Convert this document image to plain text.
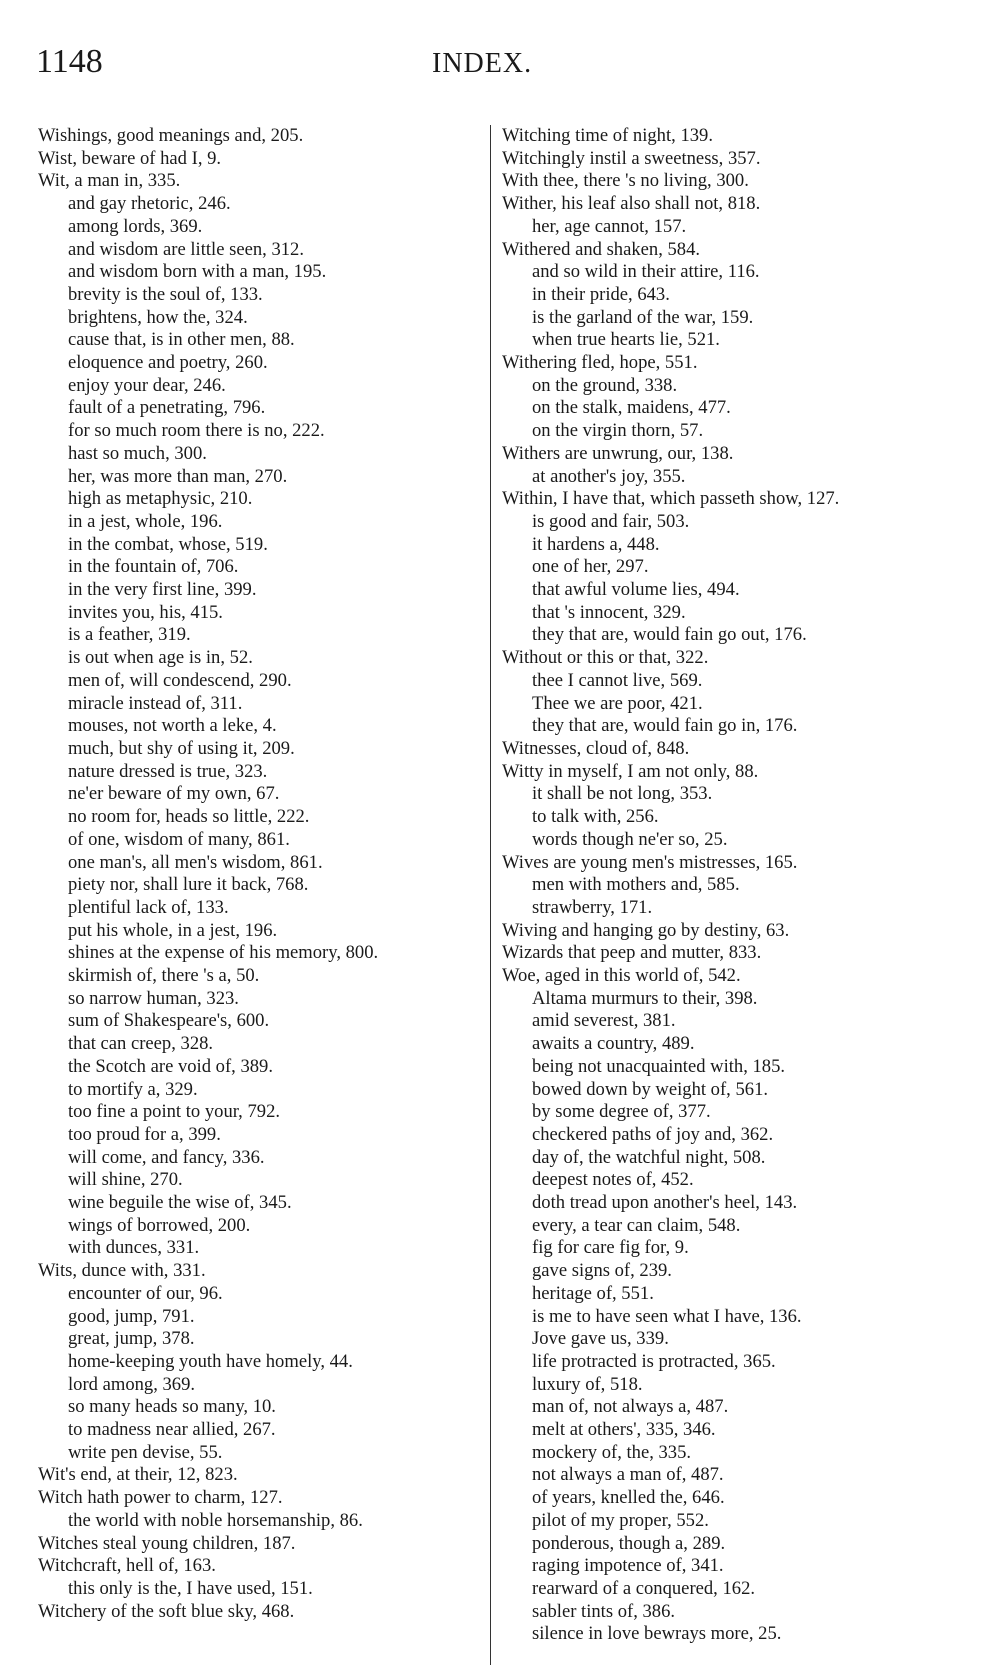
1148	INDEX.

Wishings, good meanings and, 205.

Wist, beware of had I, 9.

Wit, a man in, 335.

and gay rhetoric, 246.

among lords, 369.

and wisdom are little seen, 312.

and wisdom born with a man, 195.

brevity is the soul of, 133.

brightens, how the, 324.

cause that, is in other men, 88.

eloquence and poetry, 260.

enjoy your dear, 246.

fault of a penetrating, 796.

for so much room there is no, 222.

hast so much, 300.

her, was more than man, 270.

high as metaphysic, 210.

in a jest, whole, 196.

in the combat, whose, 519.

in the fountain of, 706.

in the very first line, 399.

invites you, his, 415.

is a feather, 319.

is out when age is in, 52.

men of, will condescend, 290.

miracle instead of, 311.

mouses, not worth a leke, 4.

much, but shy of using it, 209.

nature dressed is true, 323.

ne'er beware of my own, 67.

no room for, heads so little, 222.

of one, wisdom of many, 861.

one man's, all men's wisdom, 861.

piety nor, shall lure it back, 768.

plentiful lack of, 133.

put his whole, in a jest, 196.

shines at the expense of his memory, 800.

skirmish of, there 's a, 50.

so narrow human, 323.

sum of Shakespeare's, 600.

that can creep, 328.

the Scotch are void of, 389.

to mortify a, 329.

too fine a point to your, 792.

too proud for a, 399.

will come, and fancy, 336.

will shine, 270.

wine beguile the wise of, 345.

wings of borrowed, 200.

with dunces, 331.

Wits, dunce with, 331.

encounter of our, 96.

good, jump, 791.

great, jump, 378.

home-keeping youth have homely, 44.

lord among, 369.

so many heads so many, 10.

to madness near allied, 267.

write pen devise, 55.

Wit's end, at their, 12, 823.

Witch hath power to charm, 127.

the world with noble horsemanship, 86.

Witches steal young children, 187.

Witchcraft, hell of, 163.

this only is the, I have used, 151.

Witchery of the soft blue sky, 468.

Witching time of night, 139.

Witchingly instil a sweetness, 357.

With thee, there 's no living, 300.

Wither, his leaf also shall not, 818.

her, age cannot, 157.

Withered and shaken, 584.

and so wild in their attire, 116.

in their pride, 643.

is the garland of the war, 159.

when true hearts lie, 521.

Withering fled, hope, 551.

on the ground, 338.

on the stalk, maidens, 477.

on the virgin thorn, 57.

Withers are unwrung, our, 138.

at another's joy, 355.

Within, I have that, which passeth show, 127.

is good and fair, 503.

it hardens a, 448.

one of her, 297.

that awful volume lies, 494.

that 's innocent, 329.

they that are, would fain go out, 176.

Without or this or that, 322.

thee I cannot live, 569.

Thee we are poor, 421.

they that are, would fain go in, 176.

Witnesses, cloud of, 848.

Witty in myself, I am not only, 88.

it shall be not long, 353.

to talk with, 256.

words though ne'er so, 25.

Wives are young men's mistresses, 165.

men with mothers and, 585.

strawberry, 171.

Wiving and hanging go by destiny, 63.

Wizards that peep and mutter, 833.

Woe, aged in this world of, 542.

Altama murmurs to their, 398.

amid severest, 381.

awaits a country, 489.

being not unacquainted with, 185.

bowed down by weight of, 561.

by some degree of, 377.

checkered paths of joy and, 362.

day of, the watchful night, 508.

deepest notes of, 452.

doth tread upon another's heel, 143.

every, a tear can claim, 548.

fig for care fig for, 9.

gave signs of, 239.

heritage of, 551.

is me to have seen what I have, 136.

Jove gave us, 339.

life protracted is protracted, 365.

luxury of, 518.

man of, not always a, 487.

melt at others', 335, 346.

mockery of, the, 335.

not always a man of, 487.

of years, knelled the, 646.

pilot of my proper, 552.

ponderous, though a, 289.

raging impotence of, 341.

rearward of a conquered, 162.

sabler tints of, 386.

silence in love bewrays more, 25.
